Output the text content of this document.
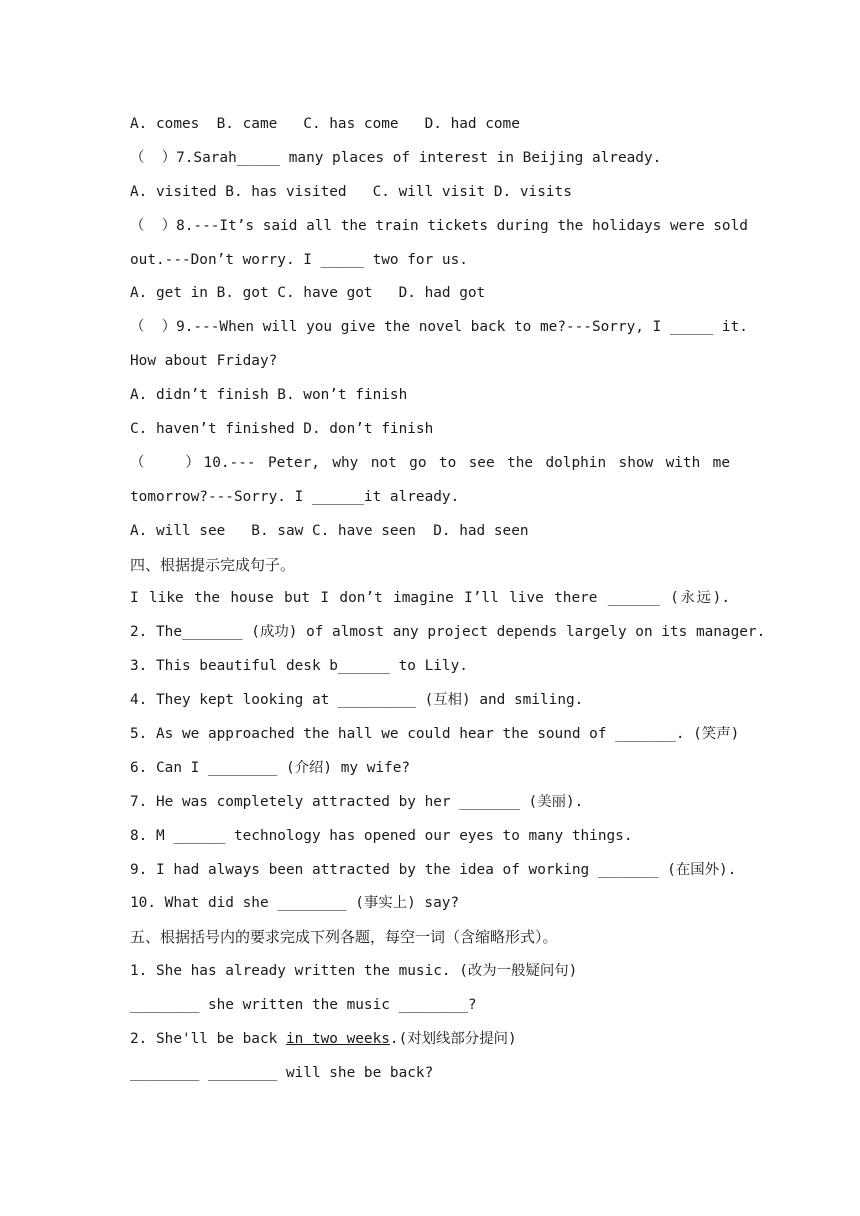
A. comes  B. came   C. has come   D. had come
（  ）7.Sarah_____ many places of interest in Beijing already.
A. visited B. has visited   C. will visit D. visits
（  ）8.---It’s said all the train tickets during the holidays were sold
out.---Don’t worry. I _____ two for us.
A. get in B. got C. have got   D. had got
（  ）9.---When will you give the novel back to me?---Sorry, I _____ it.
How about Friday?
A. didn’t finish B. won’t finish
C. haven’t finished D. don’t finish
（   ）10.--- Peter, why not go to see the dolphin show with me
tomorrow?---Sorry. I ______it already.
A. will see   B. saw C. have seen  D. had seen
四、根据提示完成句子。
I like the house but I don’t imagine I’ll live there ______ (永远).
2. The_______ (成功) of almost any project depends largely on its manager.
3. This beautiful desk b______ to Lily.
4. They kept looking at _________ (互相) and smiling.
5. As we approached the hall we could hear the sound of _______. (笑声)
6. Can I ________ (介绍) my wife?
7. He was completely attracted by her _______ (美丽).
8. M ______ technology has opened our eyes to many things.
9. I had always been attracted by the idea of working _______ (在国外).
10. What did she ________ (事实上) say?
五、根据括号内的要求完成下列各题，每空一词（含缩略形式）。
1. She has already written the music. (改为一般疑问句)
________ she written the music ________?
2. She'll be back in two weeks.(对划线部分提问)
________ ________ will she be back?
